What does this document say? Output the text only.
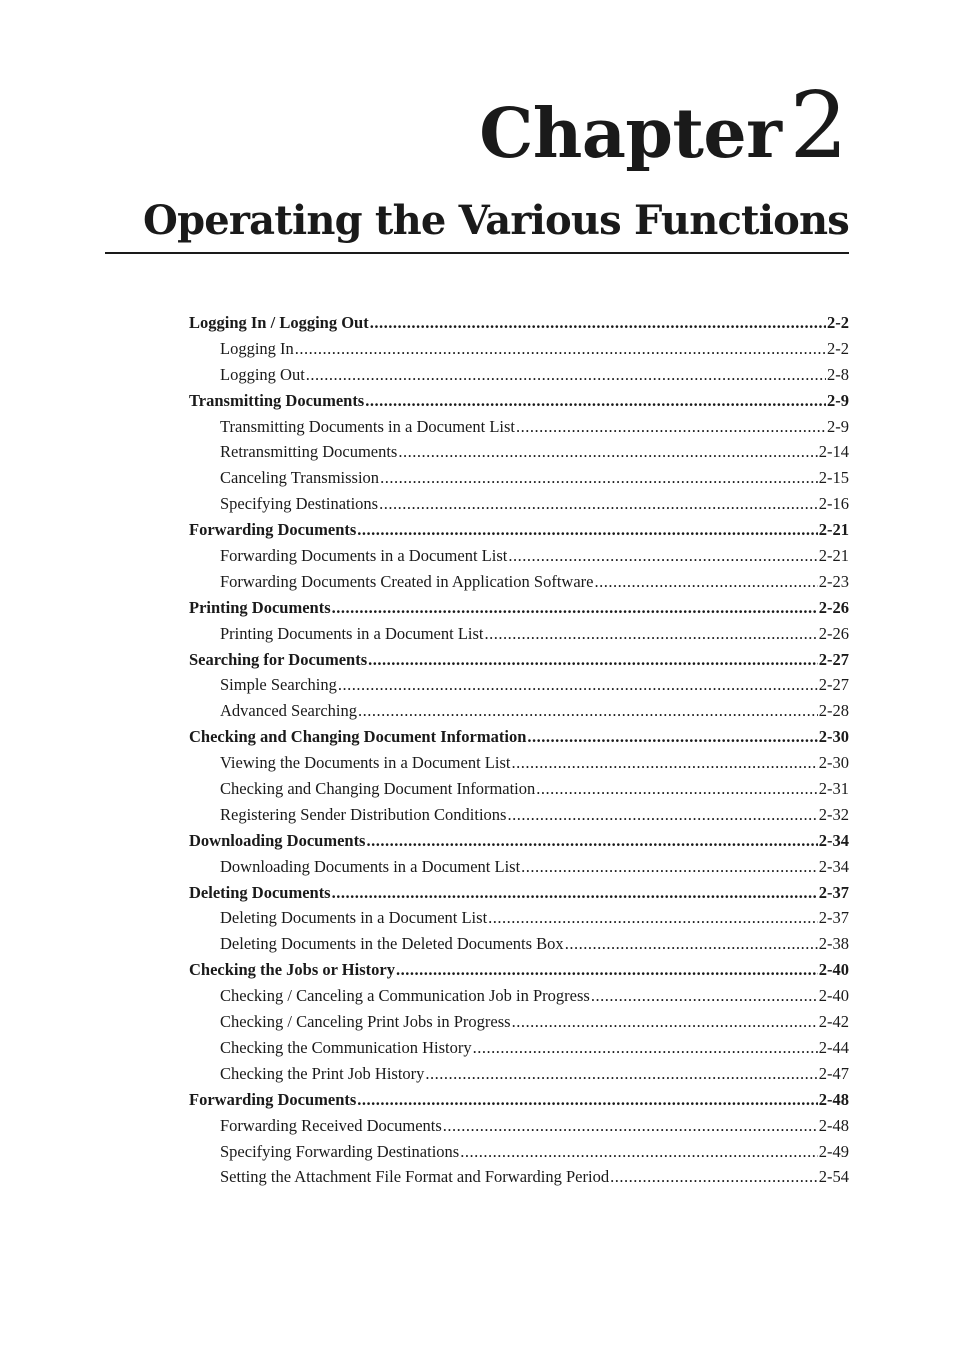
Chapter2
Operating the Various Functions
Logging In / Logging Out .....	2-2
Logging In .....	2-2
Logging Out .....	2-8
Transmitting Documents .....	2-9
Transmitting Documents in a Document List .....	2-9
Retransmitting Documents .....	2-14
Canceling Transmission .....	2-15
Specifying Destinations .....	2-16
Forwarding Documents .....	2-21
Forwarding Documents in a Document List .....	2-21
Forwarding Documents Created in Application Software .....	2-23
Printing Documents .....	2-26
Printing Documents in a Document List .....	2-26
Searching for Documents .....	2-27
Simple Searching .....	2-27
Advanced Searching .....	2-28
Checking and Changing Document Information .....	2-30
Viewing the Documents in a Document List .....	2-30
Checking and Changing Document Information .....	2-31
Registering Sender Distribution Conditions .....	2-32
Downloading Documents .....	2-34
Downloading Documents in a Document List .....	2-34
Deleting Documents .....	2-37
Deleting Documents in a Document List .....	2-37
Deleting Documents in the Deleted Documents Box .....	2-38
Checking the Jobs or History .....	2-40
Checking / Canceling a Communication Job in Progress .....	2-40
Checking / Canceling Print Jobs in Progress .....	2-42
Checking the Communication History .....	2-44
Checking the Print Job History .....	2-47
Forwarding Documents .....	2-48
Forwarding Received Documents .....	2-48
Specifying Forwarding Destinations .....	2-49
Setting the Attachment File Format and Forwarding Period .....	2-54
